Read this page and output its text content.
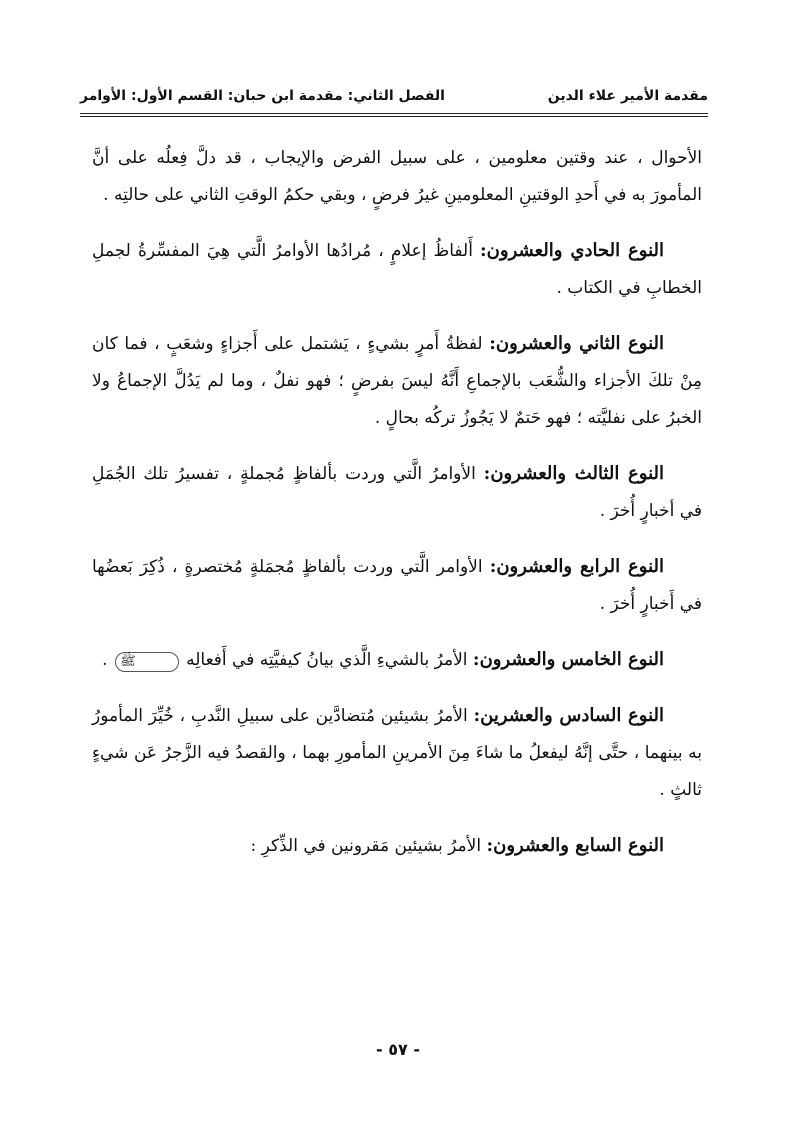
مقدمة الأمير علاء الدين
الفصل الثاني: مقدمة ابن حبان: القسم الأول: الأوامر

الأحوال ، عند وقتين معلومين ، على سبيل الفرض والإيجاب ، قد دلَّ فِعلُه على أنَّ المأمورَ به في أَحدِ الوقتينِ المعلومينِ غيرُ فرضٍ ، وبقي حكمُ الوقتِ الثاني على حالتِه .

النوع الحادي والعشرون: أَلفاظُ إعلامٍ ، مُرادُها الأوامرُ الَّتي هِيَ المفسِّرةُ لجملِ الخطابِ في الكتاب .

النوع الثاني والعشرون: لفظةُ أَمرٍ بشيءٍ ، يَشتمل على أَجزاءٍ وشعَبٍ ، فما كان مِنْ تلكَ الأجزاء والشُّعَب بالإجماعِ أَنَّهُ ليسَ بفرضٍ ؛ فهو نفلٌ ، وما لم يَدُلَّ الإجماعُ ولا الخبرُ على نفليَّته ؛ فهو حَتمٌ لا يَجُوزُ تركُه بحالٍ .

النوع الثالث والعشرون: الأوامرُ الَّتي وردت بألفاظٍ مُجملةٍ ، تفسيرُ تلك الجُمَلِ في أخبارٍ أُخرَ .

النوع الرابع والعشرون: الأوامر الَّتي وردت بألفاظٍ مُجمَلةٍ مُختصرةٍ ، ذُكِرَ بَعضُها في أَخبارٍ أُخرَ .

النوع الخامس والعشرون: الأمرُ بالشيءِ الَّذي بيانُ كيفيَّتِه في أَفعالِه ﷺ .

النوع السادس والعشرين: الأمرُ بشيئين مُتضادَّين على سبيلِ النَّدبِ ، خُيِّرَ المأمورُ به بينهما ، حتَّى إنَّهُ ليفعلُ ما شاءَ مِنَ الأمرينِ المأمورِ بهما ، والقصدُ فيه الزَّجرُ عَن شيءٍ ثالثٍ .

النوع السابع والعشرون: الأمرُ بشيئين مَقرونين في الذِّكرِ :

- ٥٧ -
